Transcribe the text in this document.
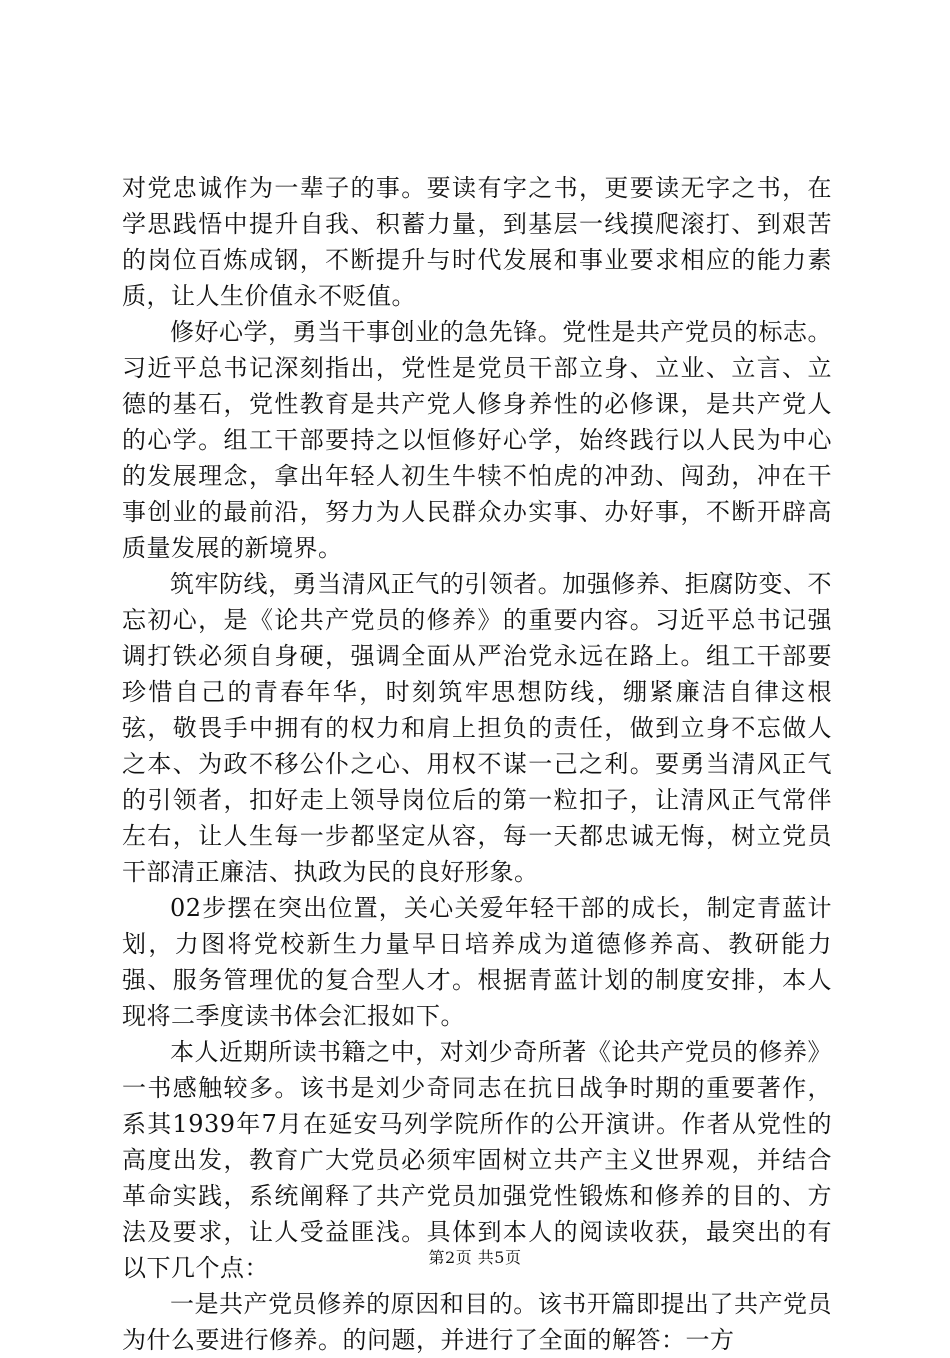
对党忠诚作为一辈子的事。要读有字之书，更要读无字之书，在学思践悟中提升自我、积蓄力量，到基层一线摸爬滚打、到艰苦的岗位百炼成钢，不断提升与时代发展和事业要求相应的能力素质，让人生价值永不贬值。

修好心学，勇当干事创业的急先锋。党性是共产党员的标志。习近平总书记深刻指出，党性是党员干部立身、立业、立言、立德的基石，党性教育是共产党人修身养性的必修课，是共产党人的心学。组工干部要持之以恒修好心学，始终践行以人民为中心的发展理念，拿出年轻人初生牛犊不怕虎的冲劲、闯劲，冲在干事创业的最前沿，努力为人民群众办实事、办好事，不断开辟高质量发展的新境界。

筑牢防线，勇当清风正气的引领者。加强修养、拒腐防变、不忘初心，是《论共产党员的修养》的重要内容。习近平总书记强调打铁必须自身硬，强调全面从严治党永远在路上。组工干部要珍惜自己的青春年华，时刻筑牢思想防线，绷紧廉洁自律这根弦，敬畏手中拥有的权力和肩上担负的责任，做到立身不忘做人之本、为政不移公仆之心、用权不谋一己之利。要勇当清风正气的引领者，扣好走上领导岗位后的第一粒扣子，让清风正气常伴左右，让人生每一步都坚定从容，每一天都忠诚无悔，树立党员干部清正廉洁、执政为民的良好形象。

02步摆在突出位置，关心关爱年轻干部的成长，制定青蓝计划，力图将党校新生力量早日培养成为道德修养高、教研能力强、服务管理优的复合型人才。根据青蓝计划的制度安排，本人现将二季度读书体会汇报如下。

本人近期所读书籍之中，对刘少奇所著《论共产党员的修养》一书感触较多。该书是刘少奇同志在抗日战争时期的重要著作，系其1939年7月在延安马列学院所作的公开演讲。作者从党性的高度出发，教育广大党员必须牢固树立共产主义世界观，并结合革命实践，系统阐释了共产党员加强党性锻炼和修养的目的、方法及要求，让人受益匪浅。具体到本人的阅读收获，最突出的有以下几个点：

一是共产党员修养的原因和目的。该书开篇即提出了共产党员为什么要进行修养。的问题，并进行了全面的解答：一方

第2页 共5页
